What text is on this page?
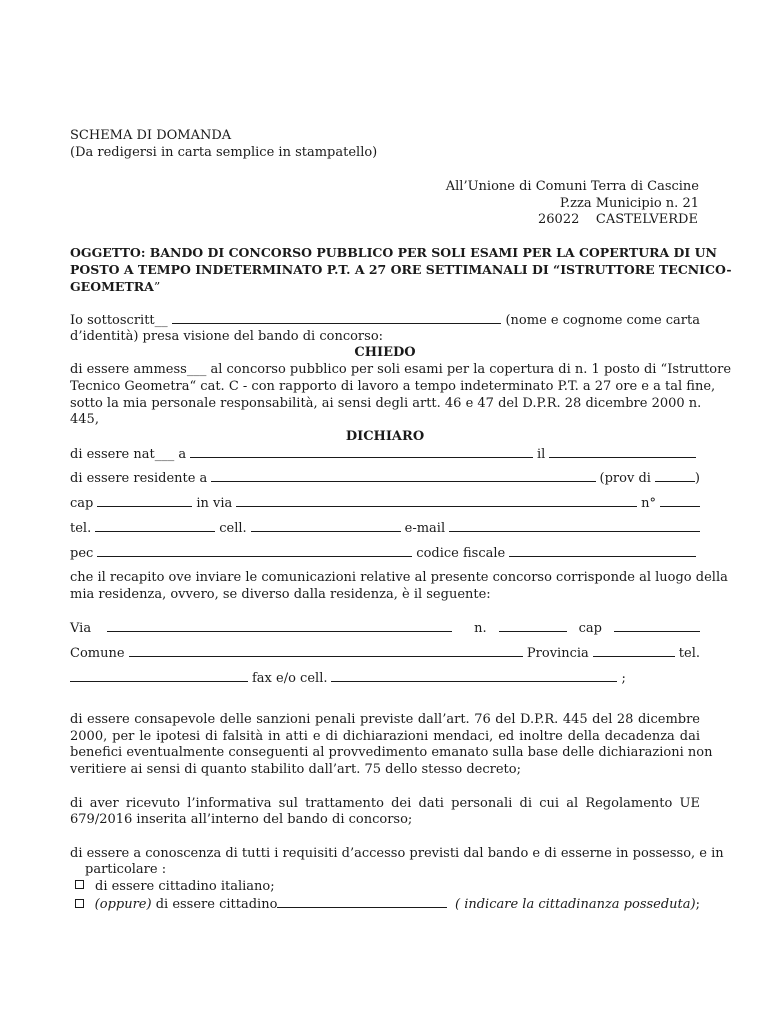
SCHEMA DI DOMANDA
(Da redigersi in carta semplice in stampatello)
All’Unione di Comuni Terra di Cascine
P.zza Municipio n. 21
26022    CASTELVERDE
OGGETTO: BANDO DI CONCORSO PUBBLICO PER SOLI ESAMI PER LA COPERTURA DI UN
POSTO A TEMPO INDETERMINATO P.T. A 27 ORE SETTIMANALI DI “ISTRUTTORE TECNICO-
GEOMETRA”
Io sottoscritt__	(nome e cognome come carta
d’identità) presa visione del bando di concorso:
CHIEDO
di essere ammess___ al concorso pubblico per soli esami per la copertura di n. 1 posto di “Istruttore
Tecnico Geometra“ cat. C - con rapporto di lavoro a tempo indeterminato P.T. a 27 ore e a tal fine,
sotto la mia personale responsabilità, ai sensi degli artt. 46 e 47 del D.P.R. 28 dicembre 2000 n.
445,
DICHIARO
di essere nat___ a	il
di essere residente a	(prov di	)
cap	in via	n°
tel.	cell.	e-mail
pec	codice fiscale
che il recapito ove inviare le comunicazioni relative al presente concorso corrisponde al luogo della
mia residenza, ovvero, se diverso dalla residenza, è il seguente:
Via	n.	cap
Comune	Provincia	tel.
fax e/o cell.	;
di essere consapevole delle sanzioni penali previste dall’art. 76 del D.P.R. 445 del 28 dicembre
2000, per le ipotesi di falsità in atti e di dichiarazioni mendaci, ed inoltre della decadenza dai
benefici eventualmente conseguenti al provvedimento emanato sulla base delle dichiarazioni non
veritiere ai sensi di quanto stabilito dall’art. 75 dello stesso decreto;
di aver ricevuto l’informativa sul trattamento dei dati personali di cui al Regolamento UE
679/2016 inserita all’interno del bando di concorso;
di essere a conoscenza di tutti i requisiti d’accesso previsti dal bando e di esserne in possesso, e in
particolare :
di essere cittadino italiano;
(oppure) di essere cittadino	( indicare la cittadinanza posseduta) ;
